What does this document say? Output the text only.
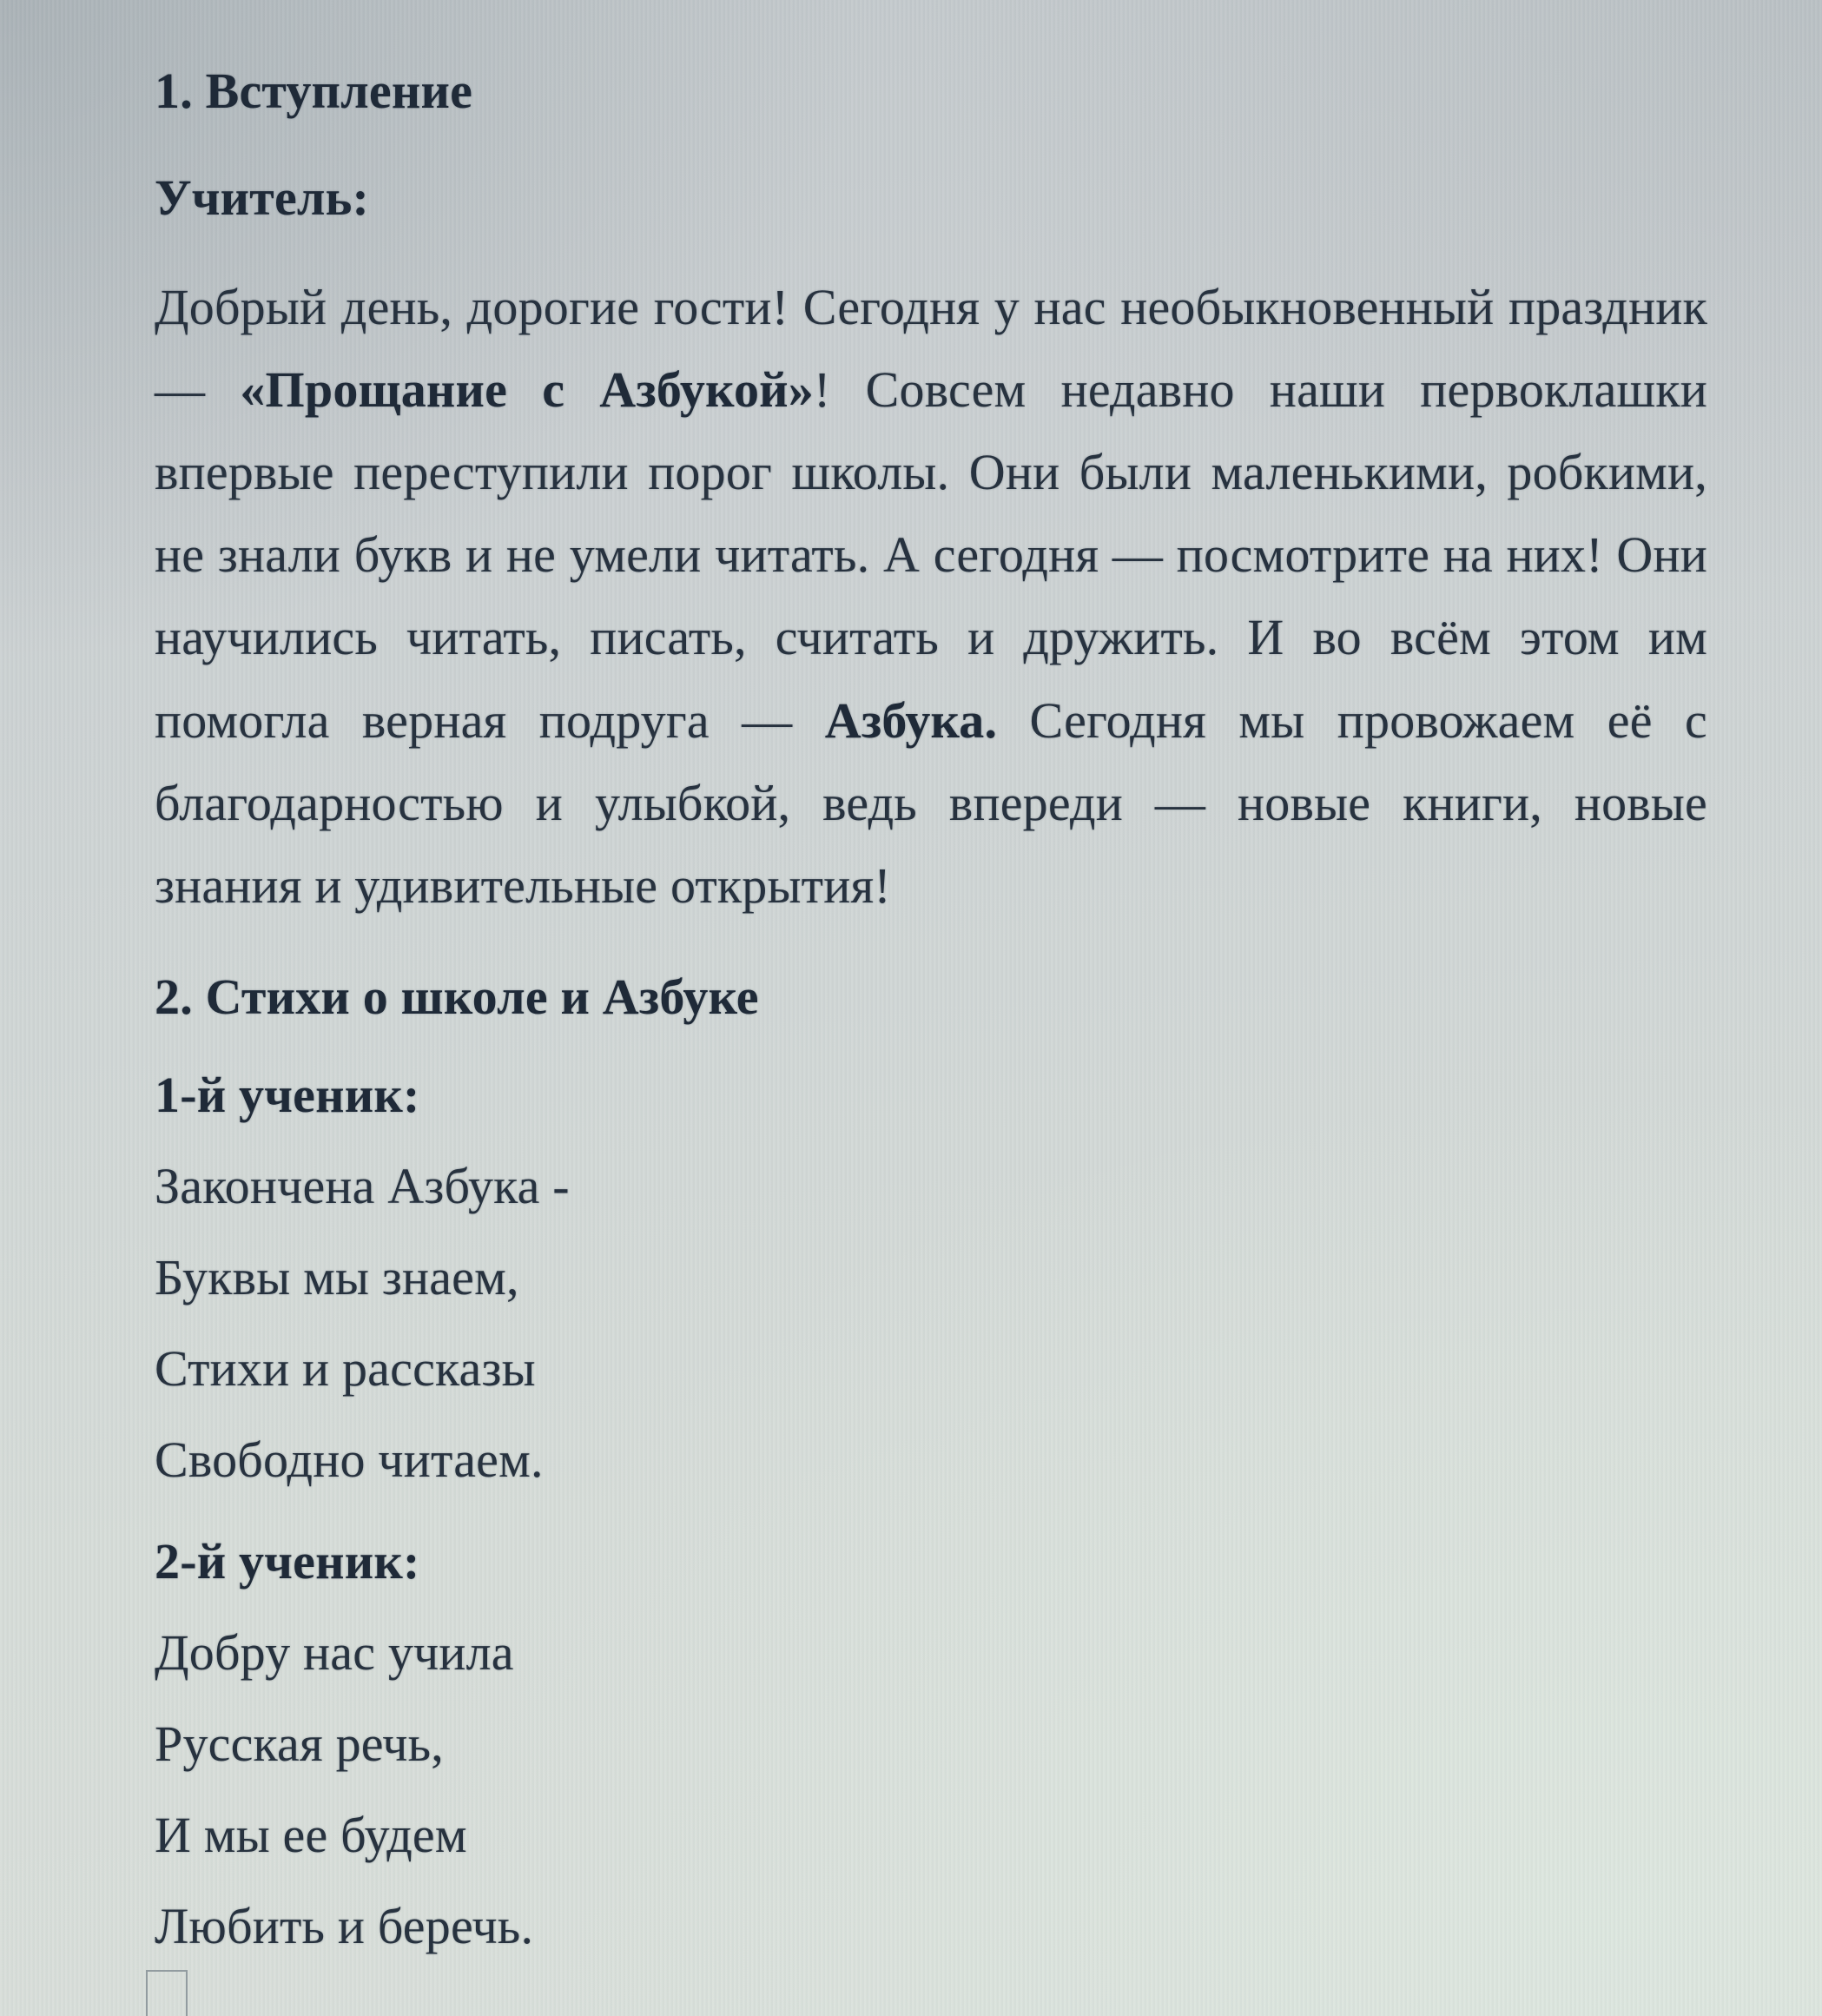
1. Вступление

Учитель:

Добрый день, дорогие гости! Сегодня у нас необыкновенный праздник — «Прощание с Азбукой»! Совсем недавно наши первоклашки впервые переступили порог школы. Они были маленькими, робкими, не знали букв и не умели читать. А сегодня — посмотрите на них! Они научились читать, писать, считать и дружить. И во всём этом им помогла верная подруга — Азбука. Сегодня мы провожаем её с благодарностью и улыбкой, ведь впереди — новые книги, новые знания и удивительные открытия!

2. Стихи о школе и Азбуке

1-й ученик:

Закончена Азбука -

Буквы мы знаем,

Стихи и рассказы

Свободно читаем.

2-й ученик:

Добру нас учила

Русская речь,

И мы ее будем

Любить и беречь.
